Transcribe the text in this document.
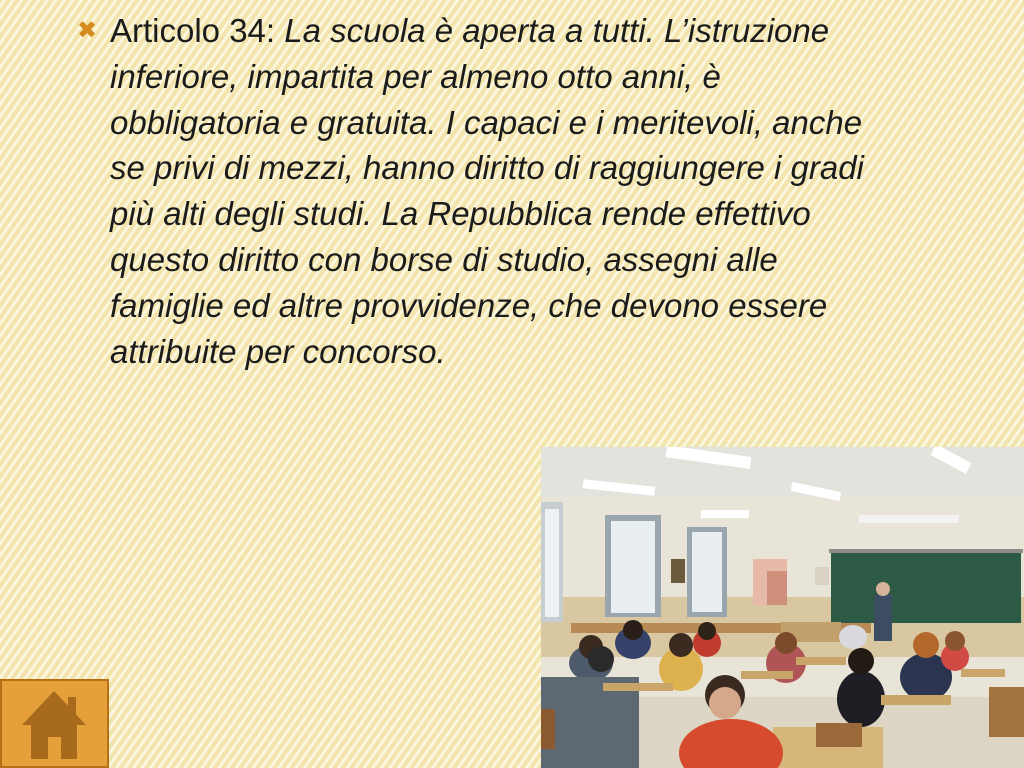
✖ Articolo 34: La scuola è aperta a tutti. L’istruzione inferiore, impartita per almeno otto anni, è obbligatoria e gratuita. I capaci e i meritevoli, anche se privi di mezzi, hanno diritto di raggiungere i gradi più alti degli studi. La Repubblica rende effettivo questo diritto con borse di studio, assegni alle famiglie ed altre provvidenze, che devono essere attribuite per concorso.
